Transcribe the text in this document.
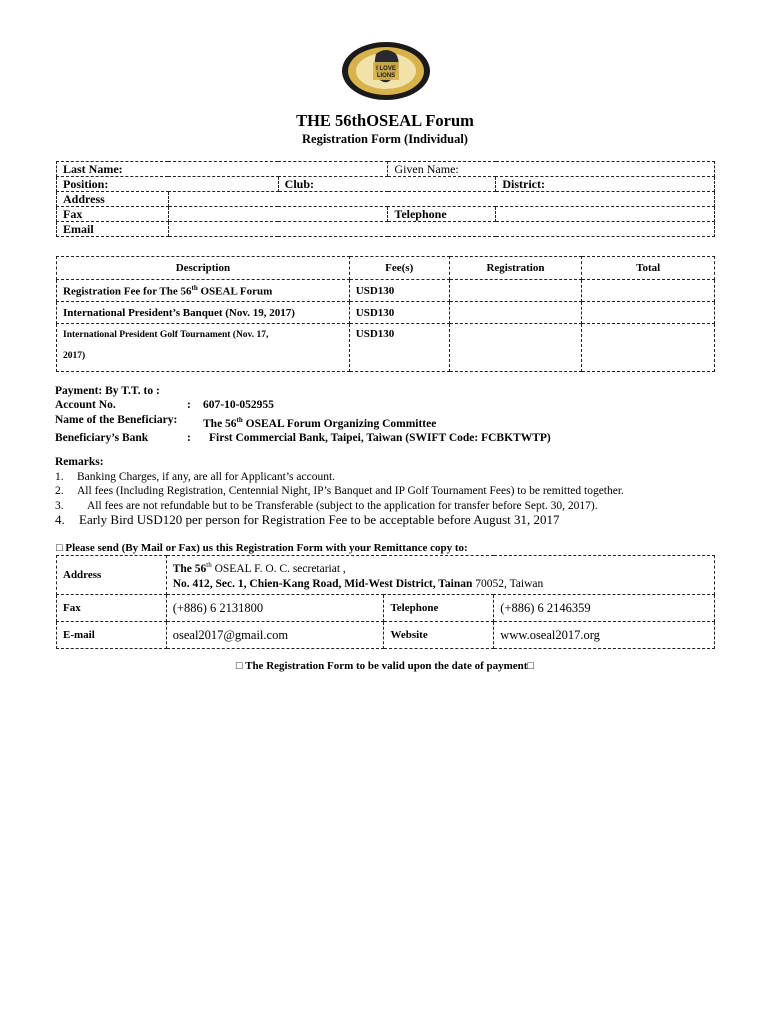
I LOVE
LIONS
THE 56thOSEAL Forum
Registration Form (Individual)
Last Name:			Given Name:	
Position:		Club:		District:
Address				
Fax			Telephone	
Email				
Description	Fee(s)	Registration	Total
Registration Fee for The 56th OSEAL Forum	USD130		
International President’s Banquet (Nov. 19, 2017)	USD130		

International President Golf Tournament (Nov. 17,
2017)	USD130		
Payment: By T.T. to :
Account No.	:	607-10-052955
Name of the Beneficiary:	The 56th OSEAL Forum Organizing Committee
Beneficiary’s Bank	:	First Commercial Bank, Taipei, Taiwan (SWIFT Code: FCBKTWTP)
Remarks:
1.	Banking Charges, if any, are all for Applicant’s account.
2.	All fees (Including Registration, Centennial Night, IP’s Banquet and IP Golf Tournament Fees) to be remitted together.
3.	All fees are not refundable but to be Transferable (subject to the application for transfer before Sept. 30, 2017).
4.	Early Bird USD120 per person for Registration Fee to be acceptable before August 31, 2017
□ Please send (By Mail or Fax) us this Registration Form with your Remittance copy to:
Address	The 56th OSEAL F. O. C. secretariat ,
No. 412, Sec. 1, Chien-Kang Road, Mid-West District, Tainan 70052, Taiwan		

Fax	(+886) 6 2131800	Telephone	(+886) 6 2146359
E-mail	oseal2017@gmail.com	Website	www.oseal2017.org
□ The Registration Form to be valid upon the date of payment□
